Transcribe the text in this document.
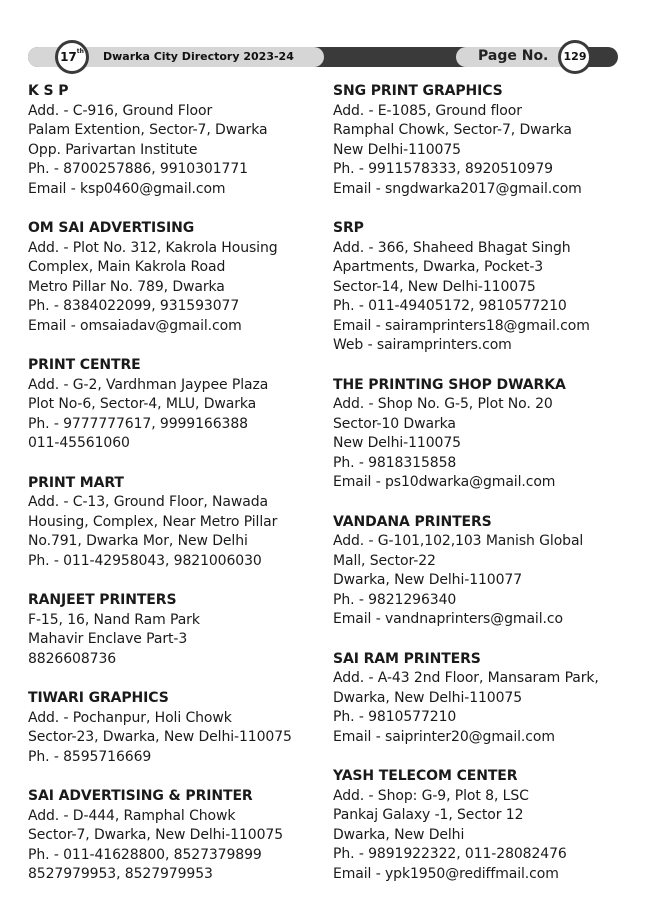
17th	Dwarka City Directory 2023-24	Page No.	129
K S P
Add. - C-916, Ground Floor
Palam Extention, Sector-7, Dwarka
Opp. Parivartan Institute
Ph. - 8700257886, 9910301771
Email - ksp0460@gmail.com
OM SAI ADVERTISING
Add. - Plot No. 312, Kakrola Housing
Complex, Main Kakrola Road
Metro Pillar No. 789, Dwarka
Ph. - 8384022099, 931593077
Email - omsaiadav@gmail.com
PRINT CENTRE
Add. - G-2, Vardhman Jaypee Plaza
Plot No-6, Sector-4, MLU, Dwarka
Ph. - 9777777617, 9999166388
011-45561060
PRINT MART
Add. - C-13, Ground Floor, Nawada
Housing, Complex, Near Metro Pillar
No.791, Dwarka Mor, New Delhi
Ph. - 011-42958043, 9821006030
RANJEET PRINTERS
F-15, 16, Nand Ram Park
Mahavir Enclave Part-3
8826608736
TIWARI GRAPHICS
Add. - Pochanpur, Holi Chowk
Sector-23, Dwarka, New Delhi-110075
Ph. - 8595716669
SAI ADVERTISING & PRINTER
Add. - D-444, Ramphal Chowk
Sector-7, Dwarka, New Delhi-110075
Ph. - 011-41628800, 8527379899
8527979953, 8527979953
SNG PRINT GRAPHICS
Add. - E-1085, Ground floor
Ramphal Chowk, Sector-7, Dwarka
New Delhi-110075
Ph. - 9911578333, 8920510979
Email - sngdwarka2017@gmail.com
SRP
Add. - 366, Shaheed Bhagat Singh
Apartments, Dwarka, Pocket-3
Sector-14, New Delhi-110075
Ph. - 011-49405172, 9810577210
Email - sairamprinters18@gmail.com
Web - sairamprinters.com
THE PRINTING SHOP DWARKA
Add. - Shop No. G-5, Plot No. 20
Sector-10 Dwarka
New Delhi-110075
Ph. - 9818315858
Email - ps10dwarka@gmail.com
VANDANA PRINTERS
Add. - G-101,102,103 Manish Global
Mall, Sector-22
Dwarka, New Delhi-110077
Ph. - 9821296340
Email - vandnaprinters@gmail.co
SAI RAM PRINTERS
Add. - A-43 2nd Floor, Mansaram Park,
Dwarka, New Delhi-110075
Ph. - 9810577210
Email - saiprinter20@gmail.com
YASH TELECOM CENTER
Add. - Shop: G-9, Plot 8, LSC
Pankaj Galaxy -1, Sector 12
Dwarka, New Delhi
Ph. - 9891922322, 011-28082476
Email - ypk1950@rediffmail.com
